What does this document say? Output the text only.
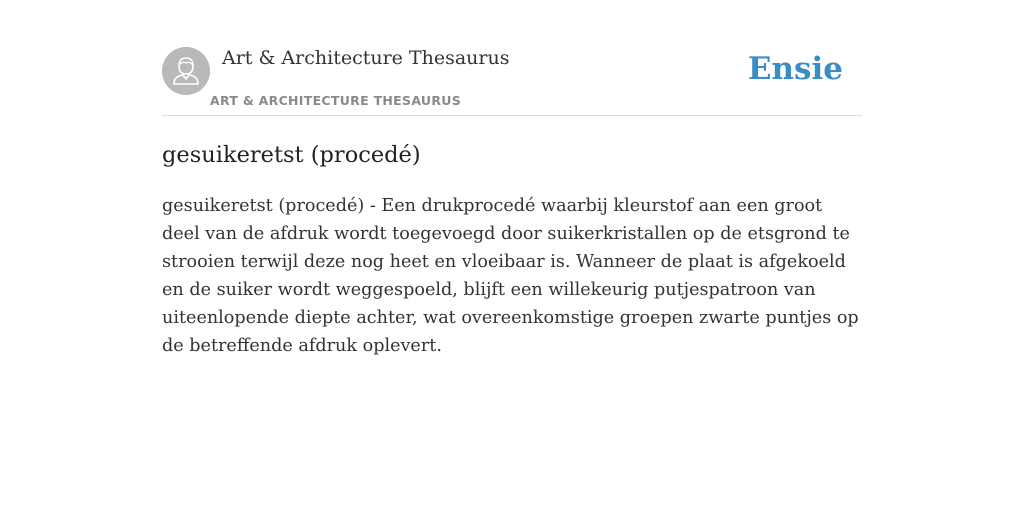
Art & Architecture Thesaurus
ART & ARCHITECTURE THESAURUS
Ensie
gesuikeretst (procedé)

gesuikeretst (procedé) - Een drukprocedé waarbij kleurstof aan een groot deel van de afdruk wordt toegevoegd door suikerkristallen op de etsgrond te strooien terwijl deze nog heet en vloeibaar is. Wanneer de plaat is afgekoeld en de suiker wordt weggespoeld, blijft een willekeurig putjespatroon van uiteenlopende diepte achter, wat overeenkomstige groepen zwarte puntjes op de betreffende afdruk oplevert.
